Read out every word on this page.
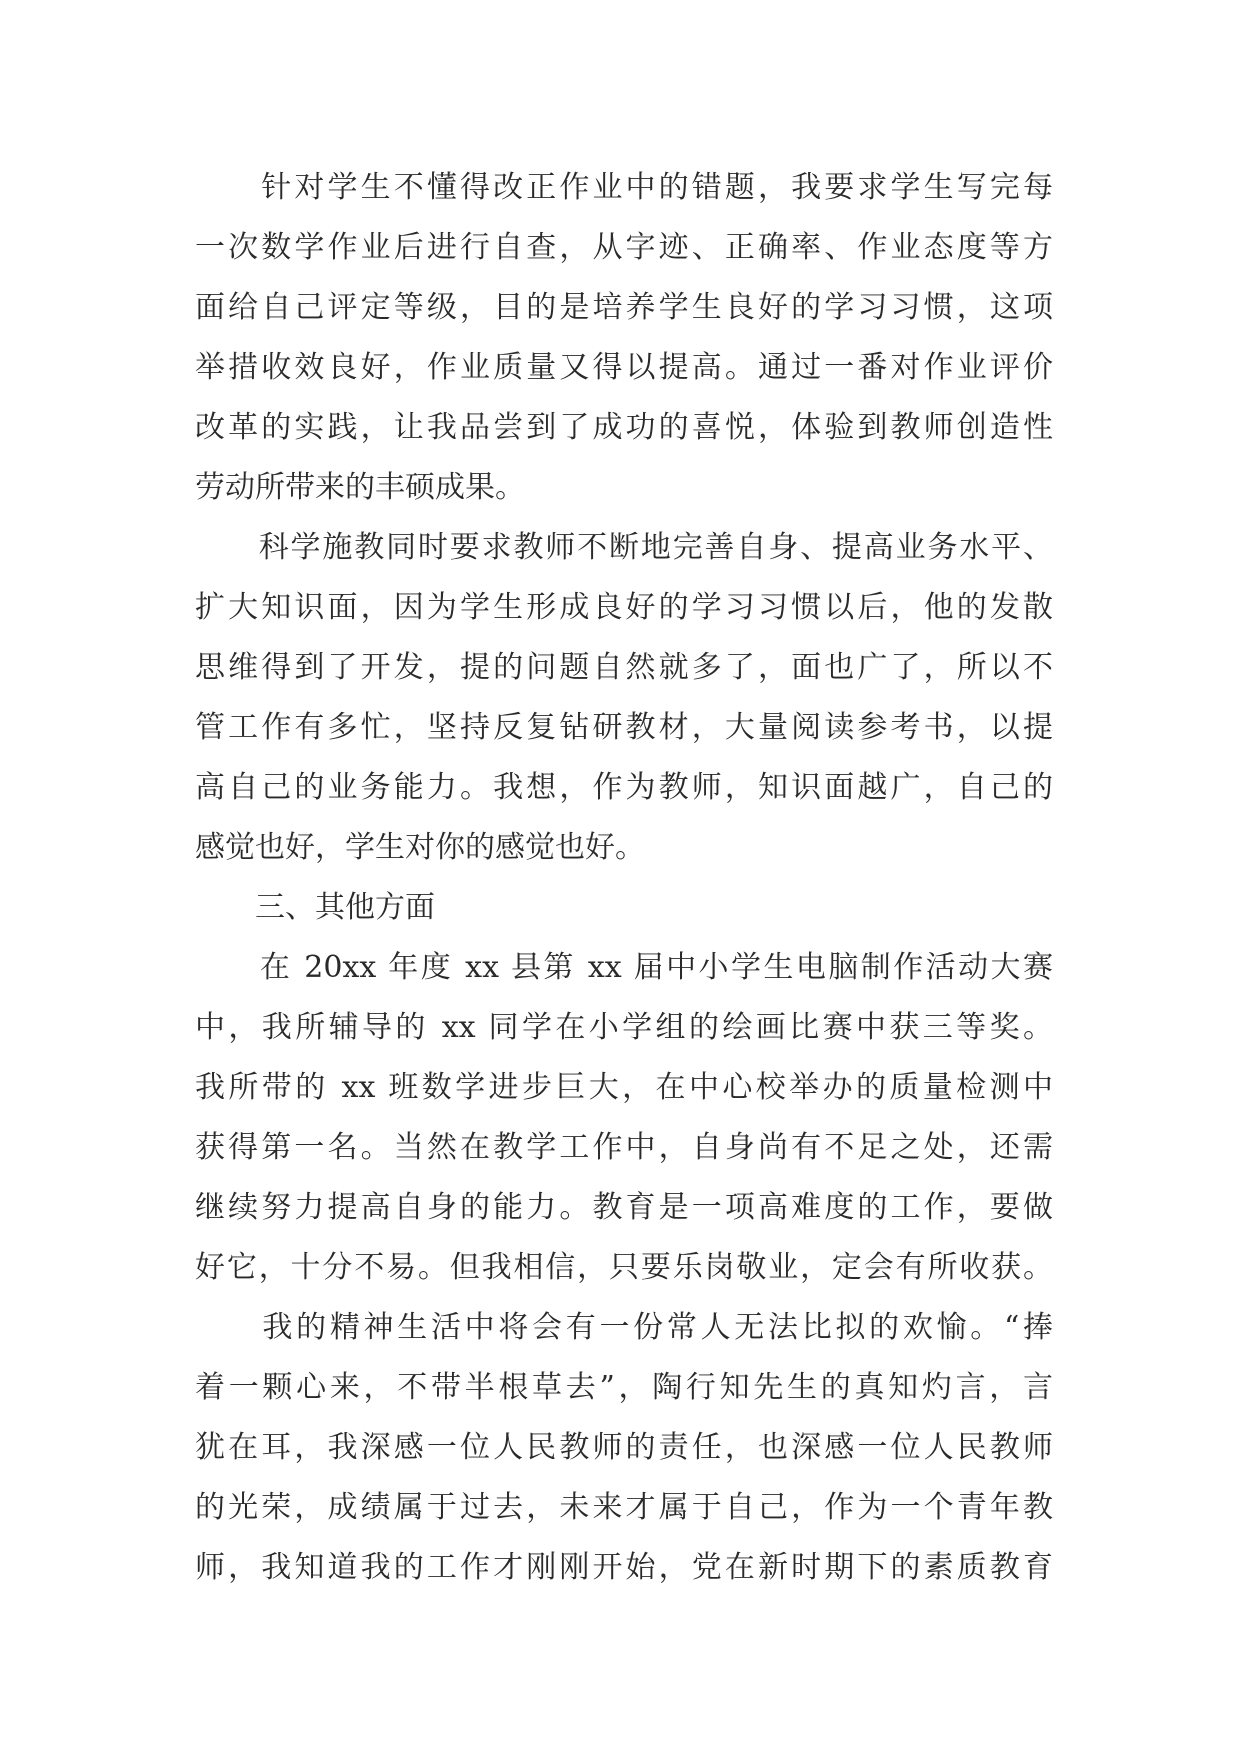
　　针对学生不懂得改正作业中的错题，我要求学生写完每
一次数学作业后进行自查，从字迹、正确率、作业态度等方
面给自己评定等级，目的是培养学生良好的学习习惯，这项
举措收效良好，作业质量又得以提高。通过一番对作业评价
改革的实践，让我品尝到了成功的喜悦，体验到教师创造性
劳动所带来的丰硕成果。
　　科学施教同时要求教师不断地完善自身、提高业务水平、
扩大知识面，因为学生形成良好的学习习惯以后，他的发散
思维得到了开发，提的问题自然就多了，面也广了，所以不
管工作有多忙，坚持反复钻研教材，大量阅读参考书，以提
高自己的业务能力。我想，作为教师，知识面越广，自己的
感觉也好，学生对你的感觉也好。
　　三、其他方面
　　在 20xx 年度 xx 县第 xx 届中小学生电脑制作活动大赛
中，我所辅导的 xx 同学在小学组的绘画比赛中获三等奖。
我所带的 xx 班数学进步巨大，在中心校举办的质量检测中
获得第一名。当然在教学工作中，自身尚有不足之处，还需
继续努力提高自身的能力。教育是一项高难度的工作，要做
好它，十分不易。但我相信，只要乐岗敬业，定会有所收获。
　　我的精神生活中将会有一份常人无法比拟的欢愉。“捧
着一颗心来，不带半根草去”，陶行知先生的真知灼言，言
犹在耳，我深感一位人民教师的责任，也深感一位人民教师
的光荣，成绩属于过去，未来才属于自己，作为一个青年教
师，我知道我的工作才刚刚开始，党在新时期下的素质教育
